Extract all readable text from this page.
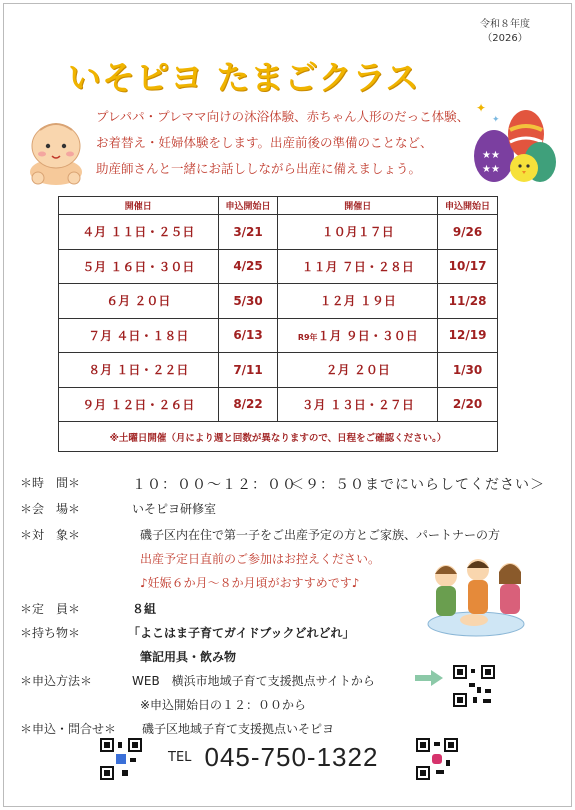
令和８年度
（2026）
いそピヨ たまごクラス

プレパパ・プレママ向けの沐浴体験、赤ちゃん人形のだっこ体験、

お着替え・妊婦体験をします。出産前後の準備のことなど、

助産師さんと一緒にお話ししながら出産に備えましょう。

★★
★★
✦
✦
開催日	申込開始日	開催日	申込開始日
４月 １１日・２５日	3/21	１０月１７日	9/26
５月 １６日・３０日	4/25	１１月 ７日・２８日	10/17
６月 ２０日	5/30	１２月 １９日	11/28
７月 ４日・１８日	6/13	R9年１月 ９日・３０日	12/19
８月 １日・２２日	7/11	２月 ２０日	1/30
９月 １２日・２６日	8/22	３月 １３日・２７日	2/20
※土曜日開催（月により週と回数が異なりますので、日程をご確認ください。）			
＊時　間＊	１０：００～１２：００
＜９：５０までにいらしてください＞
＊会　場＊	いそピヨ研修室
＊対　象＊	磯子区内在住で第一子をご出産予定の方とご家族、パートナーの方
出産予定日直前のご参加はお控えください。
♪妊娠６か月～８か月頃がおすすめです♪
＊定　員＊	８組
＊持ち物＊	「よこはま子育てガイドブックどれどれ」
筆記用具・飲み物
＊申込方法＊	WEB　横浜市地域子育て支援拠点サイトから
※申込開始日の１２：００から
＊申込・問合せ＊	磯子区地域子育て支援拠点いそピヨ
TEL 045-750-1322
